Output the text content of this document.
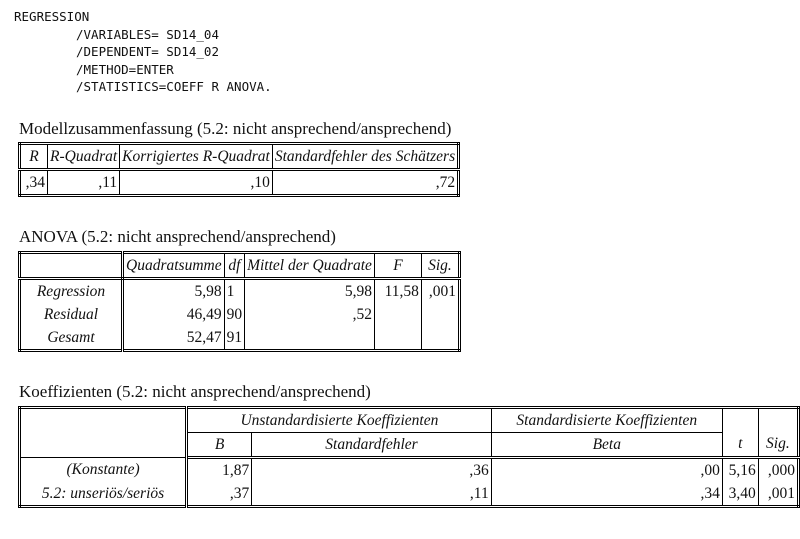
REGRESSION
/VARIABLES= SD14_04
/DEPENDENT= SD14_02
/METHOD=ENTER
/STATISTICS=COEFF R ANOVA.
Modellzusammenfassung (5.2: nicht ansprechend/ansprechend)
R	R-Quadrat	Korrigiertes R-Quadrat	Standardfehler des Schätzers
,34	,11	,10	,72
ANOVA (5.2: nicht ansprechend/ansprechend)
	Quadratsumme	df	Mittel der Quadrate	F	Sig.
Regression	5,98	1	5,98	11,58	,001
Residual	46,49	90	,52		
Gesamt	52,47	91			
Koeffizienten (5.2: nicht ansprechend/ansprechend)
	Unstandardisierte Koeffizienten		Standardisierte Koeffizienten		
	B	Standardfehler	Beta	t	Sig.
(Konstante)	1,87	,36	,00	5,16	,000
5.2: unseriös/seriös	,37	,11	,34	3,40	,001
